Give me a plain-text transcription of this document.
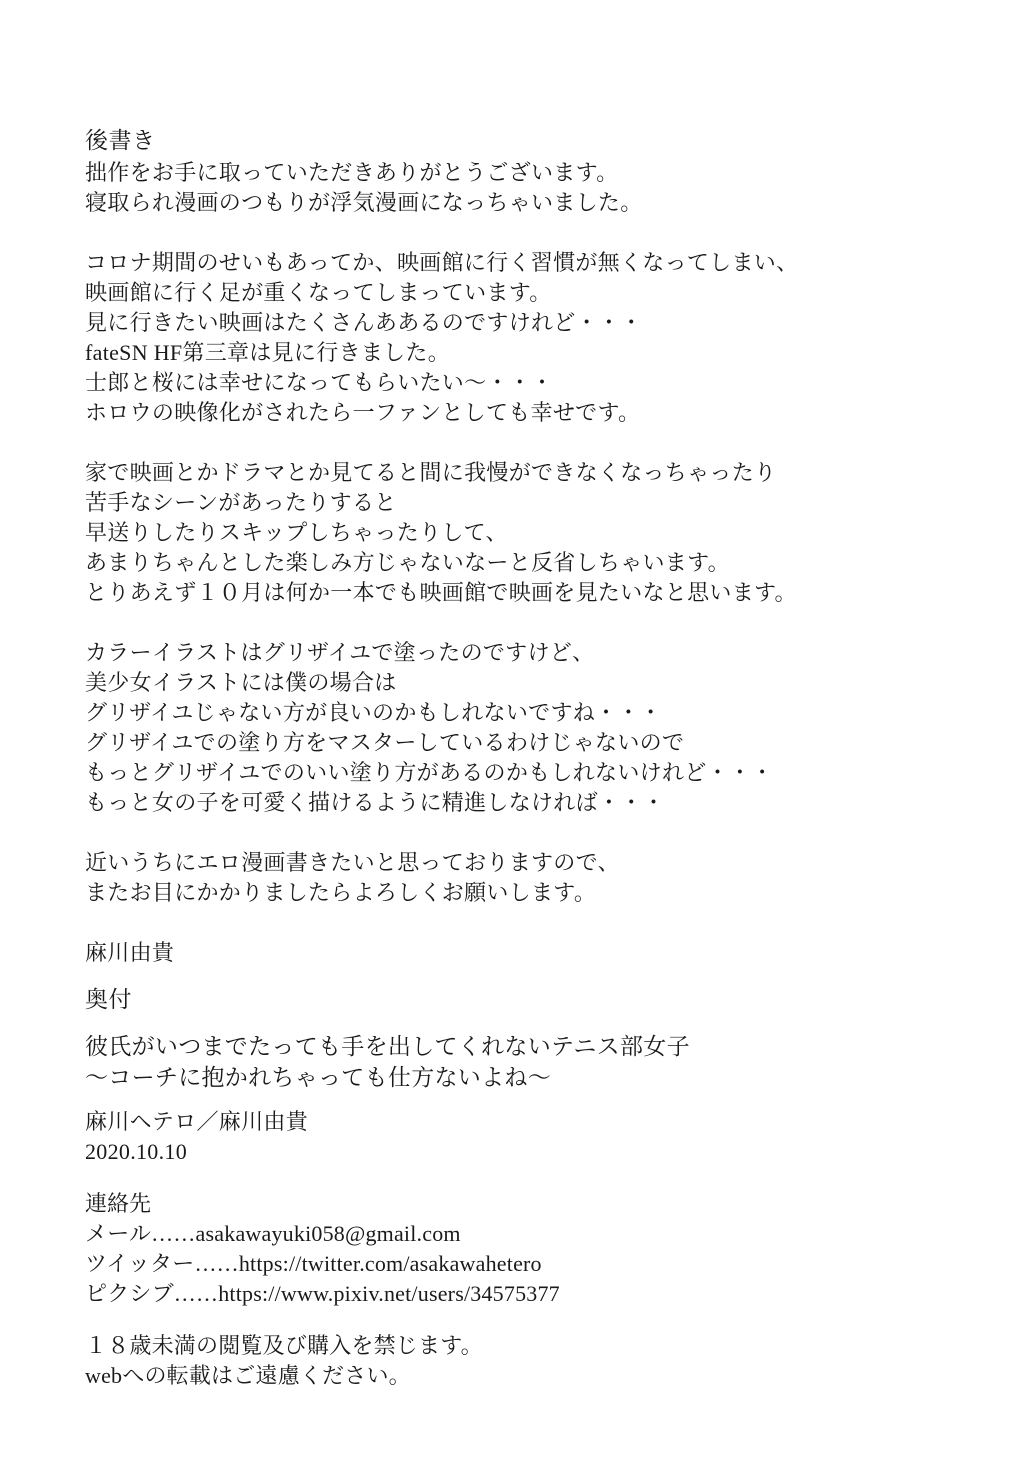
後書き
拙作をお手に取っていただきありがとうございます。
寝取られ漫画のつもりが浮気漫画になっちゃいました。
コロナ期間のせいもあってか、映画館に行く習慣が無くなってしまい、
映画館に行く足が重くなってしまっています。
見に行きたい映画はたくさんああるのですけれど・・・
fateSN HF第三章は見に行きました。
士郎と桜には幸せになってもらいたい〜・・・
ホロウの映像化がされたら一ファンとしても幸せです。
家で映画とかドラマとか見てると間に我慢ができなくなっちゃったり
苦手なシーンがあったりすると
早送りしたりスキップしちゃったりして、
あまりちゃんとした楽しみ方じゃないなーと反省しちゃいます。
とりあえず１０月は何か一本でも映画館で映画を見たいなと思います。
カラーイラストはグリザイユで塗ったのですけど、
美少女イラストには僕の場合は
グリザイユじゃない方が良いのかもしれないですね・・・
グリザイユでの塗り方をマスターしているわけじゃないので
もっとグリザイユでのいい塗り方があるのかもしれないけれど・・・
もっと女の子を可愛く描けるように精進しなければ・・・
近いうちにエロ漫画書きたいと思っておりますので、
またお目にかかりましたらよろしくお願いします。
麻川由貴
奥付
彼氏がいつまでたっても手を出してくれないテニス部女子
〜コーチに抱かれちゃっても仕方ないよね〜
麻川ヘテロ／麻川由貴
2020.10.10
連絡先
メール……asakawayuki058@gmail.com
ツイッター……https://twitter.com/asakawahetero
ピクシブ……https://www.pixiv.net/users/34575377
１８歳未満の閲覧及び購入を禁じます。
webへの転載はご遠慮ください。
